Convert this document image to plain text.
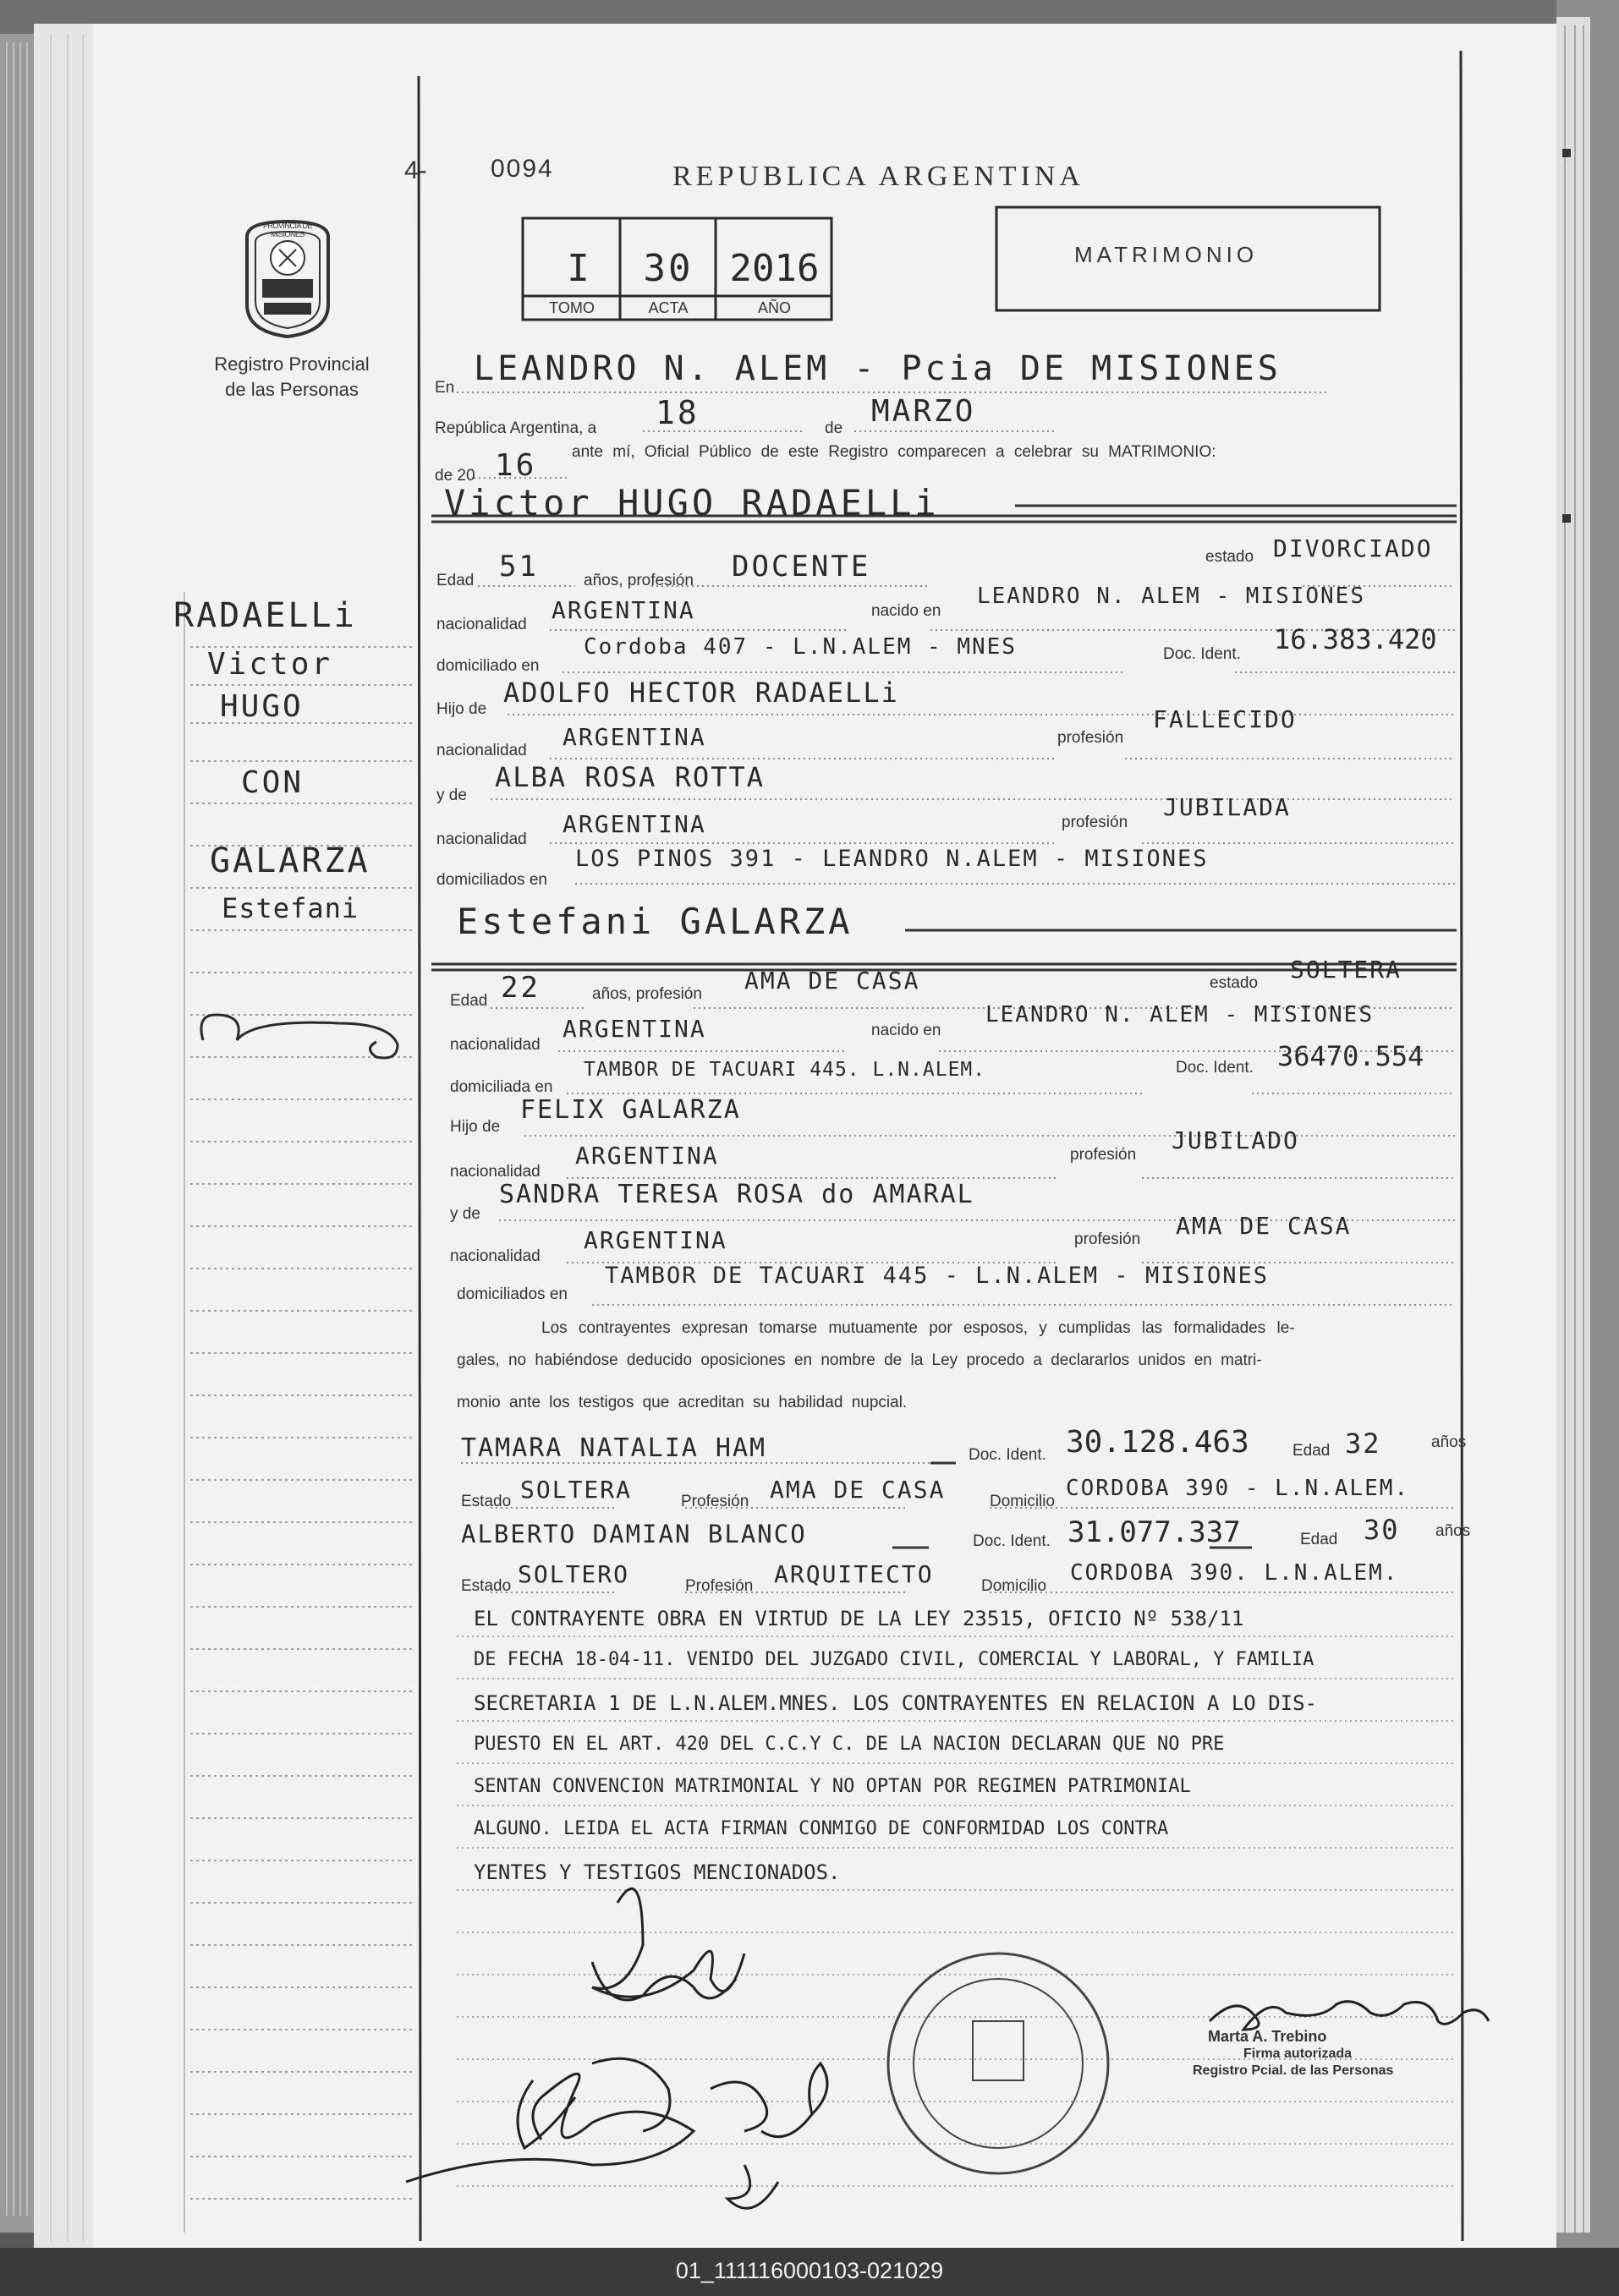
4-	0094	REPUBLICA ARGENTINA
MATRIMONIO
PROVINCIA DE MISIONES
Registro Provincial
de las Personas
I	30 2016
TOMO	ACTA	AÑO
RADAELLi
Victor
HUGO
CON
GALARZA
Estefani
En LEANDRO N. ALEM - Pcia DE MISIONES
República Argentina, a 18	de MARZO
de 20 16 ante mí, Oficial Público de este Registro comparecen a celebrar su MATRIMONIO:
Victor HUGO RADAELLi
Edad 51	años, profesión DOCENTE	estado DIVORCIADO
nacionalidad
ARGENTINA	nacido en
LEANDRO N. ALEM - MISIONES
domiciliado en
Cordoba 407 - L.N.ALEM - MNES	Doc. Ident. 16.383.420
Hijo de
ADOLFO HECTOR RADAELLi
nacionalidad ARGENTINA	profesión
FALLECIDO
y de
ALBA ROSA ROTTA
nacionalidad
ARGENTINA	profesión
JUBILADA
domiciliados en
LOS PINOS 391 - LEANDRO N.ALEM - MISIONES
Estefani GALARZA
Edad 22	años, profesión AMA DE CASA	estado SOLTERA
nacionalidad
ARGENTINA	nacido en
LEANDRO N. ALEM - MISIONES
domiciliada en
TAMBOR DE TACUARI 445. L.N.ALEM.	Doc. Ident. 36470.554
Hijo de
FELIX GALARZA
nacionalidad
ARGENTINA	profesión
JUBILADO
y de
SANDRA TERESA ROSA do AMARAL
nacionalidad
ARGENTINA	profesión AMA DE CASA
domiciliados en
TAMBOR DE TACUARI 445 - L.N.ALEM - MISIONES
Los contrayentes expresan tomarse mutuamente por esposos, y cumplidas las formalidades le-
gales, no habiéndose deducido oposiciones en nombre de la Ley procedo a declararlos unidos en matri-
monio ante los testigos que acreditan su habilidad nupcial.
TAMARA NATALIA HAM	Doc. Ident. 30.128.463	Edad 32	años
Estado SOLTERA	Profesión AMA DE CASA	Domicilio
CORDOBA 390 - L.N.ALEM.
ALBERTO DAMIAN BLANCO	Doc. Ident. 31.077.337	Edad 30 años
Estado SOLTERO	Profesión ARQUITECTO	Domicilio
CORDOBA 390. L.N.ALEM.
EL CONTRAYENTE OBRA EN VIRTUD DE LA LEY 23515, OFICIO Nº 538/11
DE FECHA 18-04-11. VENIDO DEL JUZGADO CIVIL, COMERCIAL Y LABORAL, Y FAMILIA
SECRETARIA 1 DE L.N.ALEM.MNES. LOS CONTRAYENTES EN RELACION A LO DIS-
PUESTO EN EL ART. 420 DEL C.C.Y C. DE LA NACION DECLARAN QUE NO PRE
SENTAN CONVENCION MATRIMONIAL Y NO OPTAN POR REGIMEN PATRIMONIAL
ALGUNO. LEIDA EL ACTA FIRMAN CONMIGO DE CONFORMIDAD LOS CONTRA
YENTES Y TESTIGOS MENCIONADOS.
Marta A. Trebino
Firma autorizada
Registro Pcial. de las Personas
01_111116000103-021029
